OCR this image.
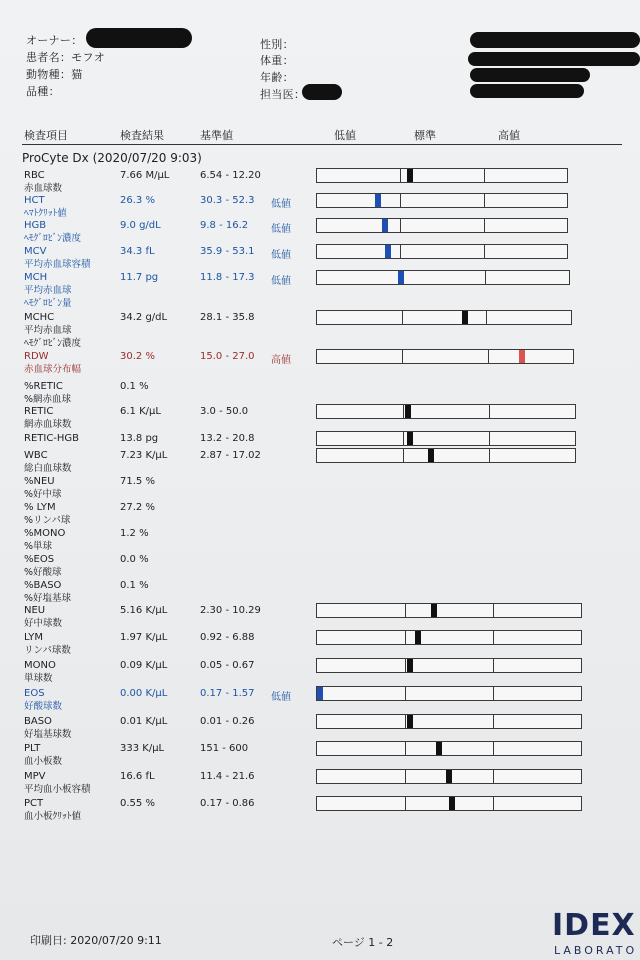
オーナー：
患者名：モフオ
動物種：猫
品種：
性別：
体重：
年齢：
担当医：
検査項目	検査結果	基準値	低値	標準	高値
ProCyte Dx (2020/07/20 9:03)
RBC
赤血球数
7.66 M/μL	6.54 - 12.20
HCT
ﾍﾏﾄｸﾘｯﾄ値
26.3 %	30.3 - 52.3 低値
HGB
ﾍﾓｸﾞﾛﾋﾞﾝ濃度
9.0 g/dL	9.8 - 16.2 低値
MCV
平均赤血球容積
34.3 fL	35.9 - 53.1 低値
MCH
平均赤血球
ﾍﾓｸﾞﾛﾋﾞﾝ量
11.7 pg	11.8 - 17.3 低値
MCHC
平均赤血球
ﾍﾓｸﾞﾛﾋﾞﾝ濃度
34.2 g/dL	28.1 - 35.8
RDW
赤血球分布幅
30.2 %	15.0 - 27.0 高値
%RETIC
%網赤血球
0.1 %
RETIC
網赤血球数
6.1 K/μL	3.0 - 50.0
RETIC-HGB	13.8 pg	13.2 - 20.8
WBC
総白血球数
7.23 K/μL	2.87 - 17.02
%NEU
%好中球
71.5 %
% LYM
%リンパ球
27.2 %
%MONO
%単球
1.2 %
%EOS
%好酸球
0.0 %
%BASO
%好塩基球
0.1 %
NEU
好中球数
5.16 K/μL	2.30 - 10.29
LYM
リンパ球数
1.97 K/μL	0.92 - 6.88
MONO
単球数
0.09 K/μL	0.05 - 0.67
EOS
好酸球数
0.00 K/μL	0.17 - 1.57 低値
BASO
好塩基球数
0.01 K/μL	0.01 - 0.26
PLT
血小板数
333 K/μL	151 - 600
MPV
平均血小板容積
16.6 fL	11.4 - 21.6
PCT
血小板ｸﾘｯﾄ値
0.55 %	0.17 - 0.86
印刷日: 2020/07/20 9:11	ページ 1 - 2	IDEX
LABORATO
